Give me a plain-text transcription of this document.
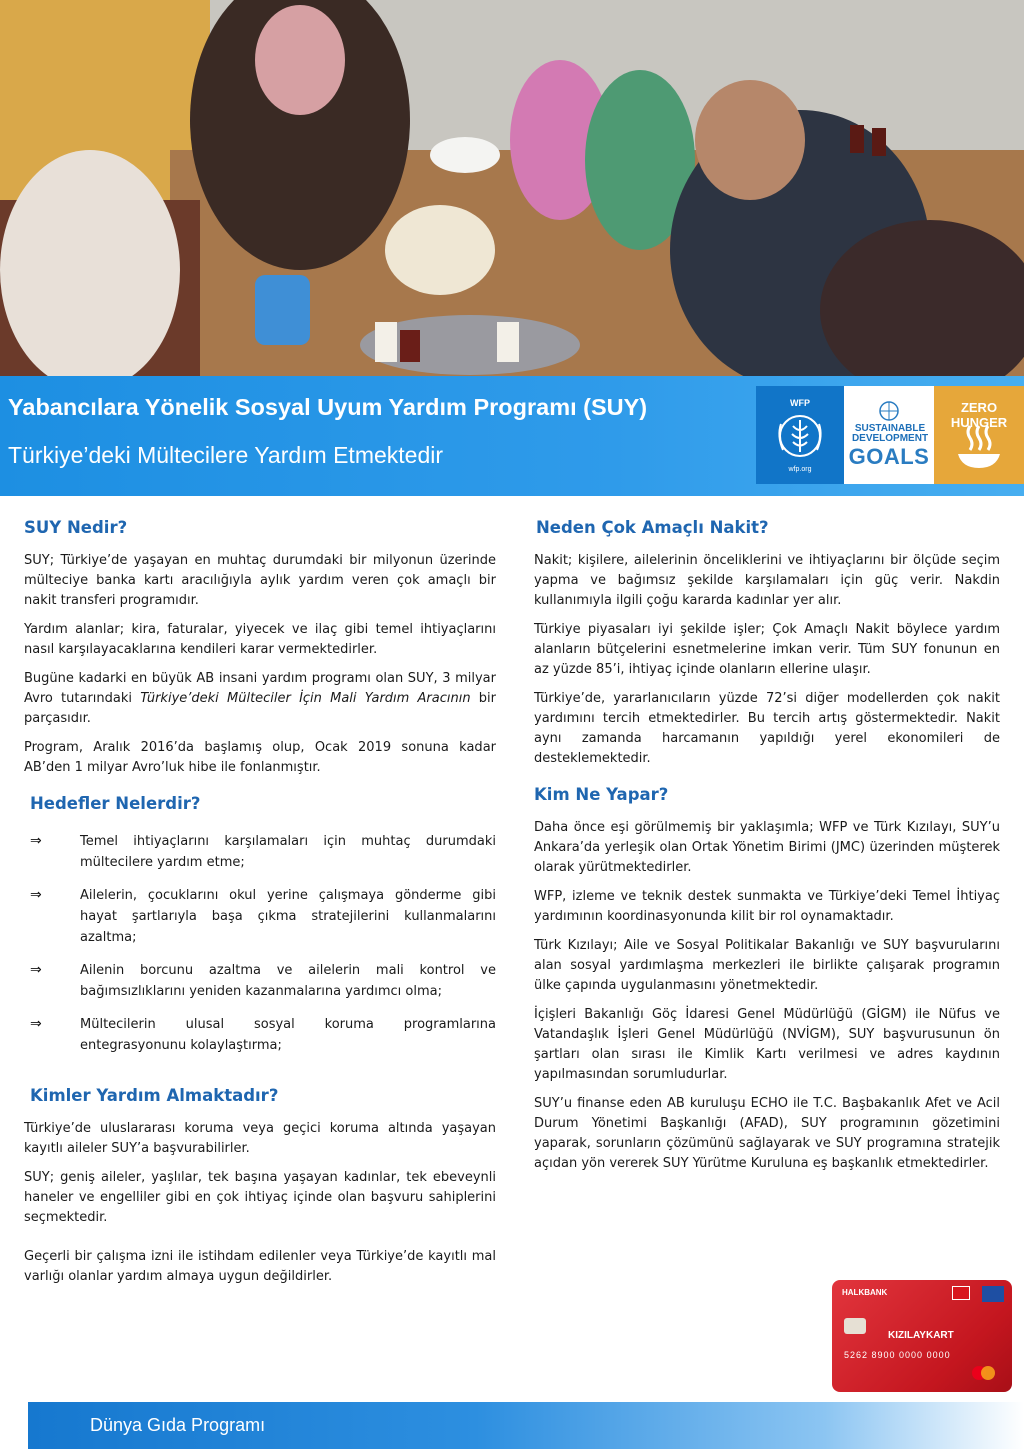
Yabancılara Yönelik Sosyal Uyum Yardım Programı (SUY)
Türkiye’deki Mültecilere Yardım Etmektedir
WFP
wfp.org
SUSTAINABLE
DEVELOPMENT
GOALS
ZERO HUNGER
SUY Nedir?

SUY; Türkiye’de yaşayan en muhtaç durumdaki bir milyonun üzerinde mülteciye banka kartı aracılığıyla aylık yardım veren çok amaçlı bir nakit transferi programıdır.

Yardım alanlar; kira, faturalar, yiyecek ve ilaç gibi temel ihtiyaçlarını nasıl karşılayacaklarına kendileri karar vermektedirler.

Bugüne kadarki en büyük AB insani yardım programı olan SUY, 3 milyar Avro tutarındaki Türkiye’deki Mülteciler İçin Mali Yardım Aracının bir parçasıdır.

Program, Aralık 2016’da başlamış olup, Ocak 2019 sonuna kadar AB’den 1 milyar Avro’luk hibe ile fonlanmıştır.

Hedefler Nelerdir?
⇒	Temel ihtiyaçlarını karşılamaları için muhtaç durumdaki mültecilere yardım etme;
⇒	Ailelerin, çocuklarını okul yerine çalışmaya gönderme gibi hayat şartlarıyla başa çıkma stratejilerini kullanmalarını azaltma;
⇒	Ailenin borcunu azaltma ve ailelerin mali kontrol ve bağımsızlıklarını yeniden kazanmalarına yardımcı olma;
⇒	Mültecilerin ulusal sosyal koruma programlarına entegrasyonunu kolaylaştırma;
Kimler Yardım Almaktadır?

Türkiye’de uluslararası koruma veya geçici koruma altında yaşayan kayıtlı aileler SUY’a başvurabilirler.

SUY; geniş aileler, yaşlılar, tek başına yaşayan kadınlar, tek ebeveynli haneler ve engelliler gibi en çok ihtiyaç içinde olan başvuru sahiplerini seçmektedir.

Geçerli bir çalışma izni ile istihdam edilenler veya Türkiye’de kayıtlı mal varlığı olanlar yardım almaya uygun değildirler.

Neden Çok Amaçlı Nakit?

Nakit; kişilere, ailelerinin önceliklerini ve ihtiyaçlarını bir ölçüde seçim yapma ve bağımsız şekilde karşılamaları için güç verir. Nakdin kullanımıyla ilgili çoğu kararda kadınlar yer alır.

Türkiye piyasaları iyi şekilde işler; Çok Amaçlı Nakit böylece yardım alanların bütçelerini esnetmelerine imkan verir. Tüm SUY fonunun en az yüzde 85’i, ihtiyaç içinde olanların ellerine ulaşır.

Türkiye’de, yararlanıcıların yüzde 72’si diğer modellerden çok nakit yardımını tercih etmektedirler. Bu tercih artış göstermektedir. Nakit aynı zamanda harcamanın yapıldığı yerel ekonomileri de desteklemektedir.

Kim Ne Yapar?

Daha önce eşi görülmemiş bir yaklaşımla; WFP ve Türk Kızılayı, SUY’u Ankara’da yerleşik olan Ortak Yönetim Birimi (JMC) üzerinden müşterek olarak yürütmektedirler.

WFP, izleme ve teknik destek sunmakta ve Türkiye’deki Temel İhtiyaç yardımının koordinasyonunda kilit bir rol oynamaktadır.

Türk Kızılayı; Aile ve Sosyal Politikalar Bakanlığı ve SUY başvurularını alan sosyal yardımlaşma merkezleri ile birlikte çalışarak programın ülke çapında uygulanmasını yönetmektedir.

İçişleri Bakanlığı Göç İdaresi Genel Müdürlüğü (GİGM) ile Nüfus ve Vatandaşlık İşleri Genel Müdürlüğü (NVİGM), SUY başvurusunun ön şartları olan sırası ile Kimlik Kartı verilmesi ve adres kaydının yapılmasından sorumludurlar.

SUY’u finanse eden AB kuruluşu ECHO ile T.C. Başbakanlık Afet ve Acil Durum Yönetimi Başkanlığı (AFAD), SUY programının gözetimini yaparak, sorunların çözümünü sağlayarak ve SUY programına stratejik açıdan yön vererek SUY Yürütme Kuruluna eş başkanlık etmektedirler.

HALKBANK
KIZILAYKART
5262 8900 0000 0000
Dünya Gıda Programı
